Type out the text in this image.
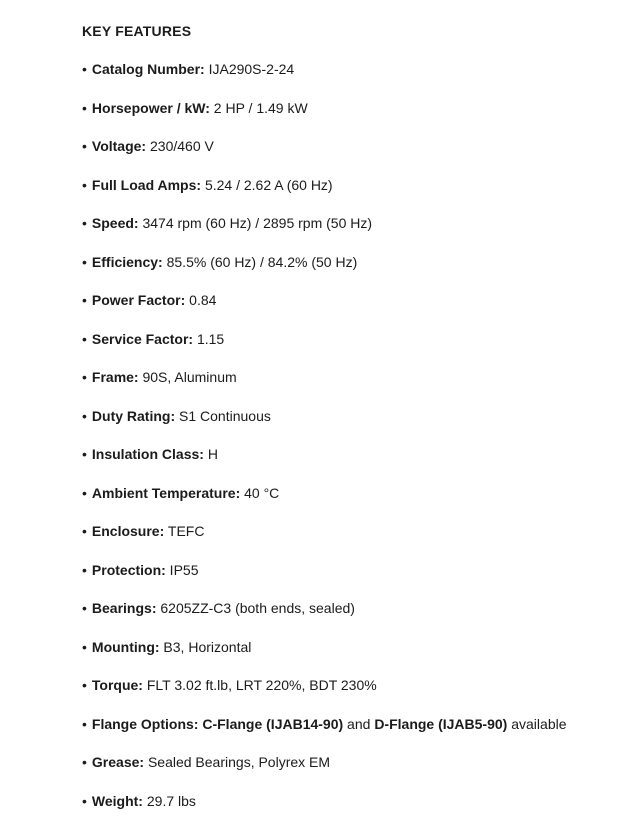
KEY FEATURES
• Catalog Number: IJA290S-2-24
• Horsepower / kW: 2 HP / 1.49 kW
• Voltage: 230/460 V
• Full Load Amps: 5.24 / 2.62 A (60 Hz)
• Speed: 3474 rpm (60 Hz) / 2895 rpm (50 Hz)
• Efficiency: 85.5% (60 Hz) / 84.2% (50 Hz)
• Power Factor: 0.84
• Service Factor: 1.15
• Frame: 90S, Aluminum
• Duty Rating: S1 Continuous
• Insulation Class: H
• Ambient Temperature: 40 °C
• Enclosure: TEFC
• Protection: IP55
• Bearings: 6205ZZ-C3 (both ends, sealed)
• Mounting: B3, Horizontal
• Torque: FLT 3.02 ft.lb, LRT 220%, BDT 230%
• Flange Options: C-Flange (IJAB14-90) and D-Flange (IJAB5-90) available
• Grease: Sealed Bearings, Polyrex EM
• Weight: 29.7 lbs
